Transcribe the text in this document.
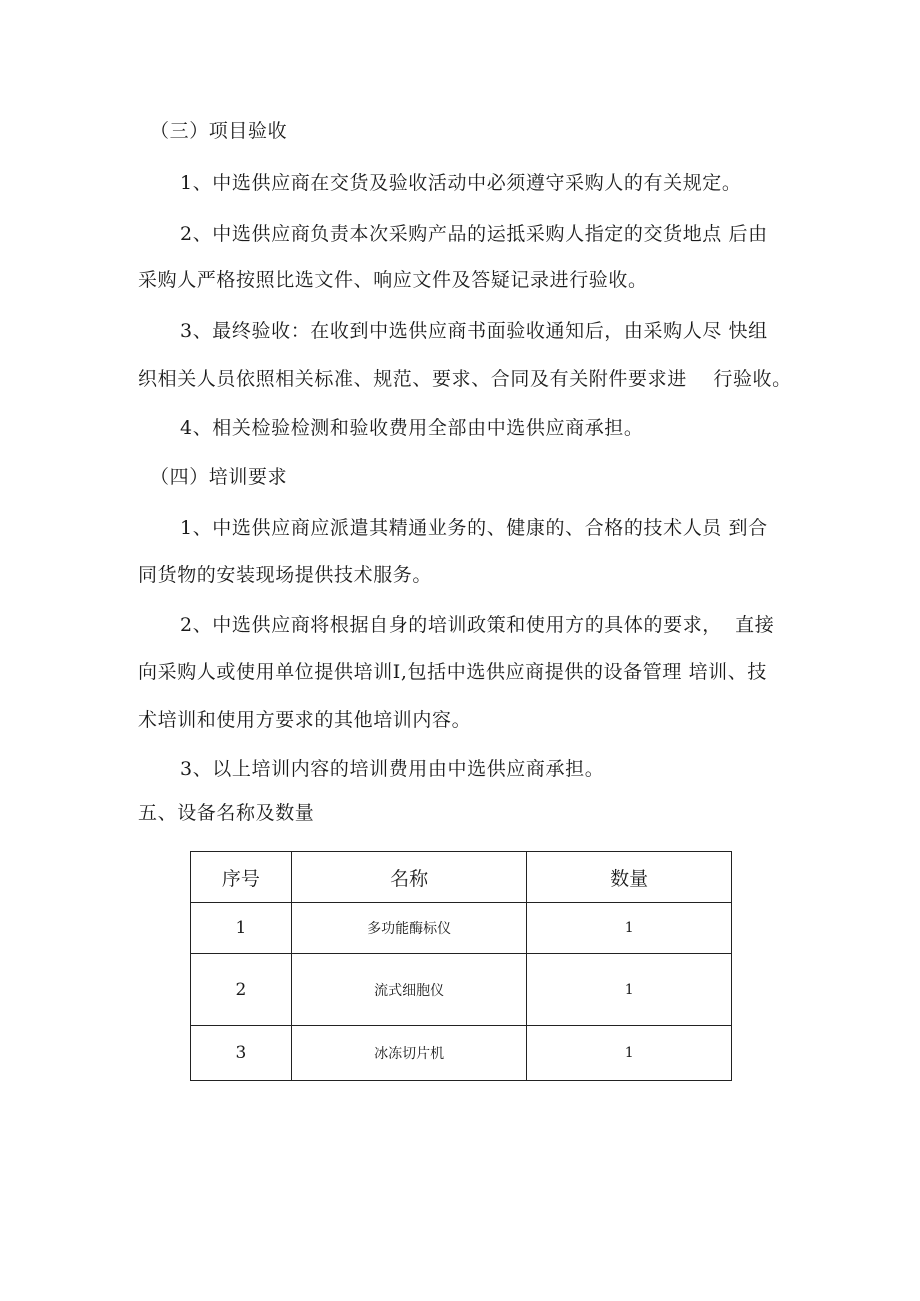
（三）项目验收
1、中选供应商在交货及验收活动中必须遵守采购人的有关规定。
2、中选供应商负责本次采购产品的运抵采购人指定的交货地点 后由
采购人严格按照比选文件、响应文件及答疑记录进行验收。
3、最终验收：在收到中选供应商书面验收通知后，由采购人尽 快组
织相关人员依照相关标准、规范、要求、合同及有关附件要求进    行验收。
4、相关检验检测和验收费用全部由中选供应商承担。
（四）培训要求
1、中选供应商应派遣其精通业务的、健康的、合格的技术人员 到合
同货物的安装现场提供技术服务。
2、中选供应商将根据自身的培训政策和使用方的具体的要求，  直接
向采购人或使用单位提供培训I,包括中选供应商提供的设备管理 培训、技
术培训和使用方要求的其他培训内容。
3、以上培训内容的培训费用由中选供应商承担。
五、设备名称及数量
序号	名称	数量
1	多功能酶标仪	1
2	流式细胞仪	1
3	冰冻切片机	1
